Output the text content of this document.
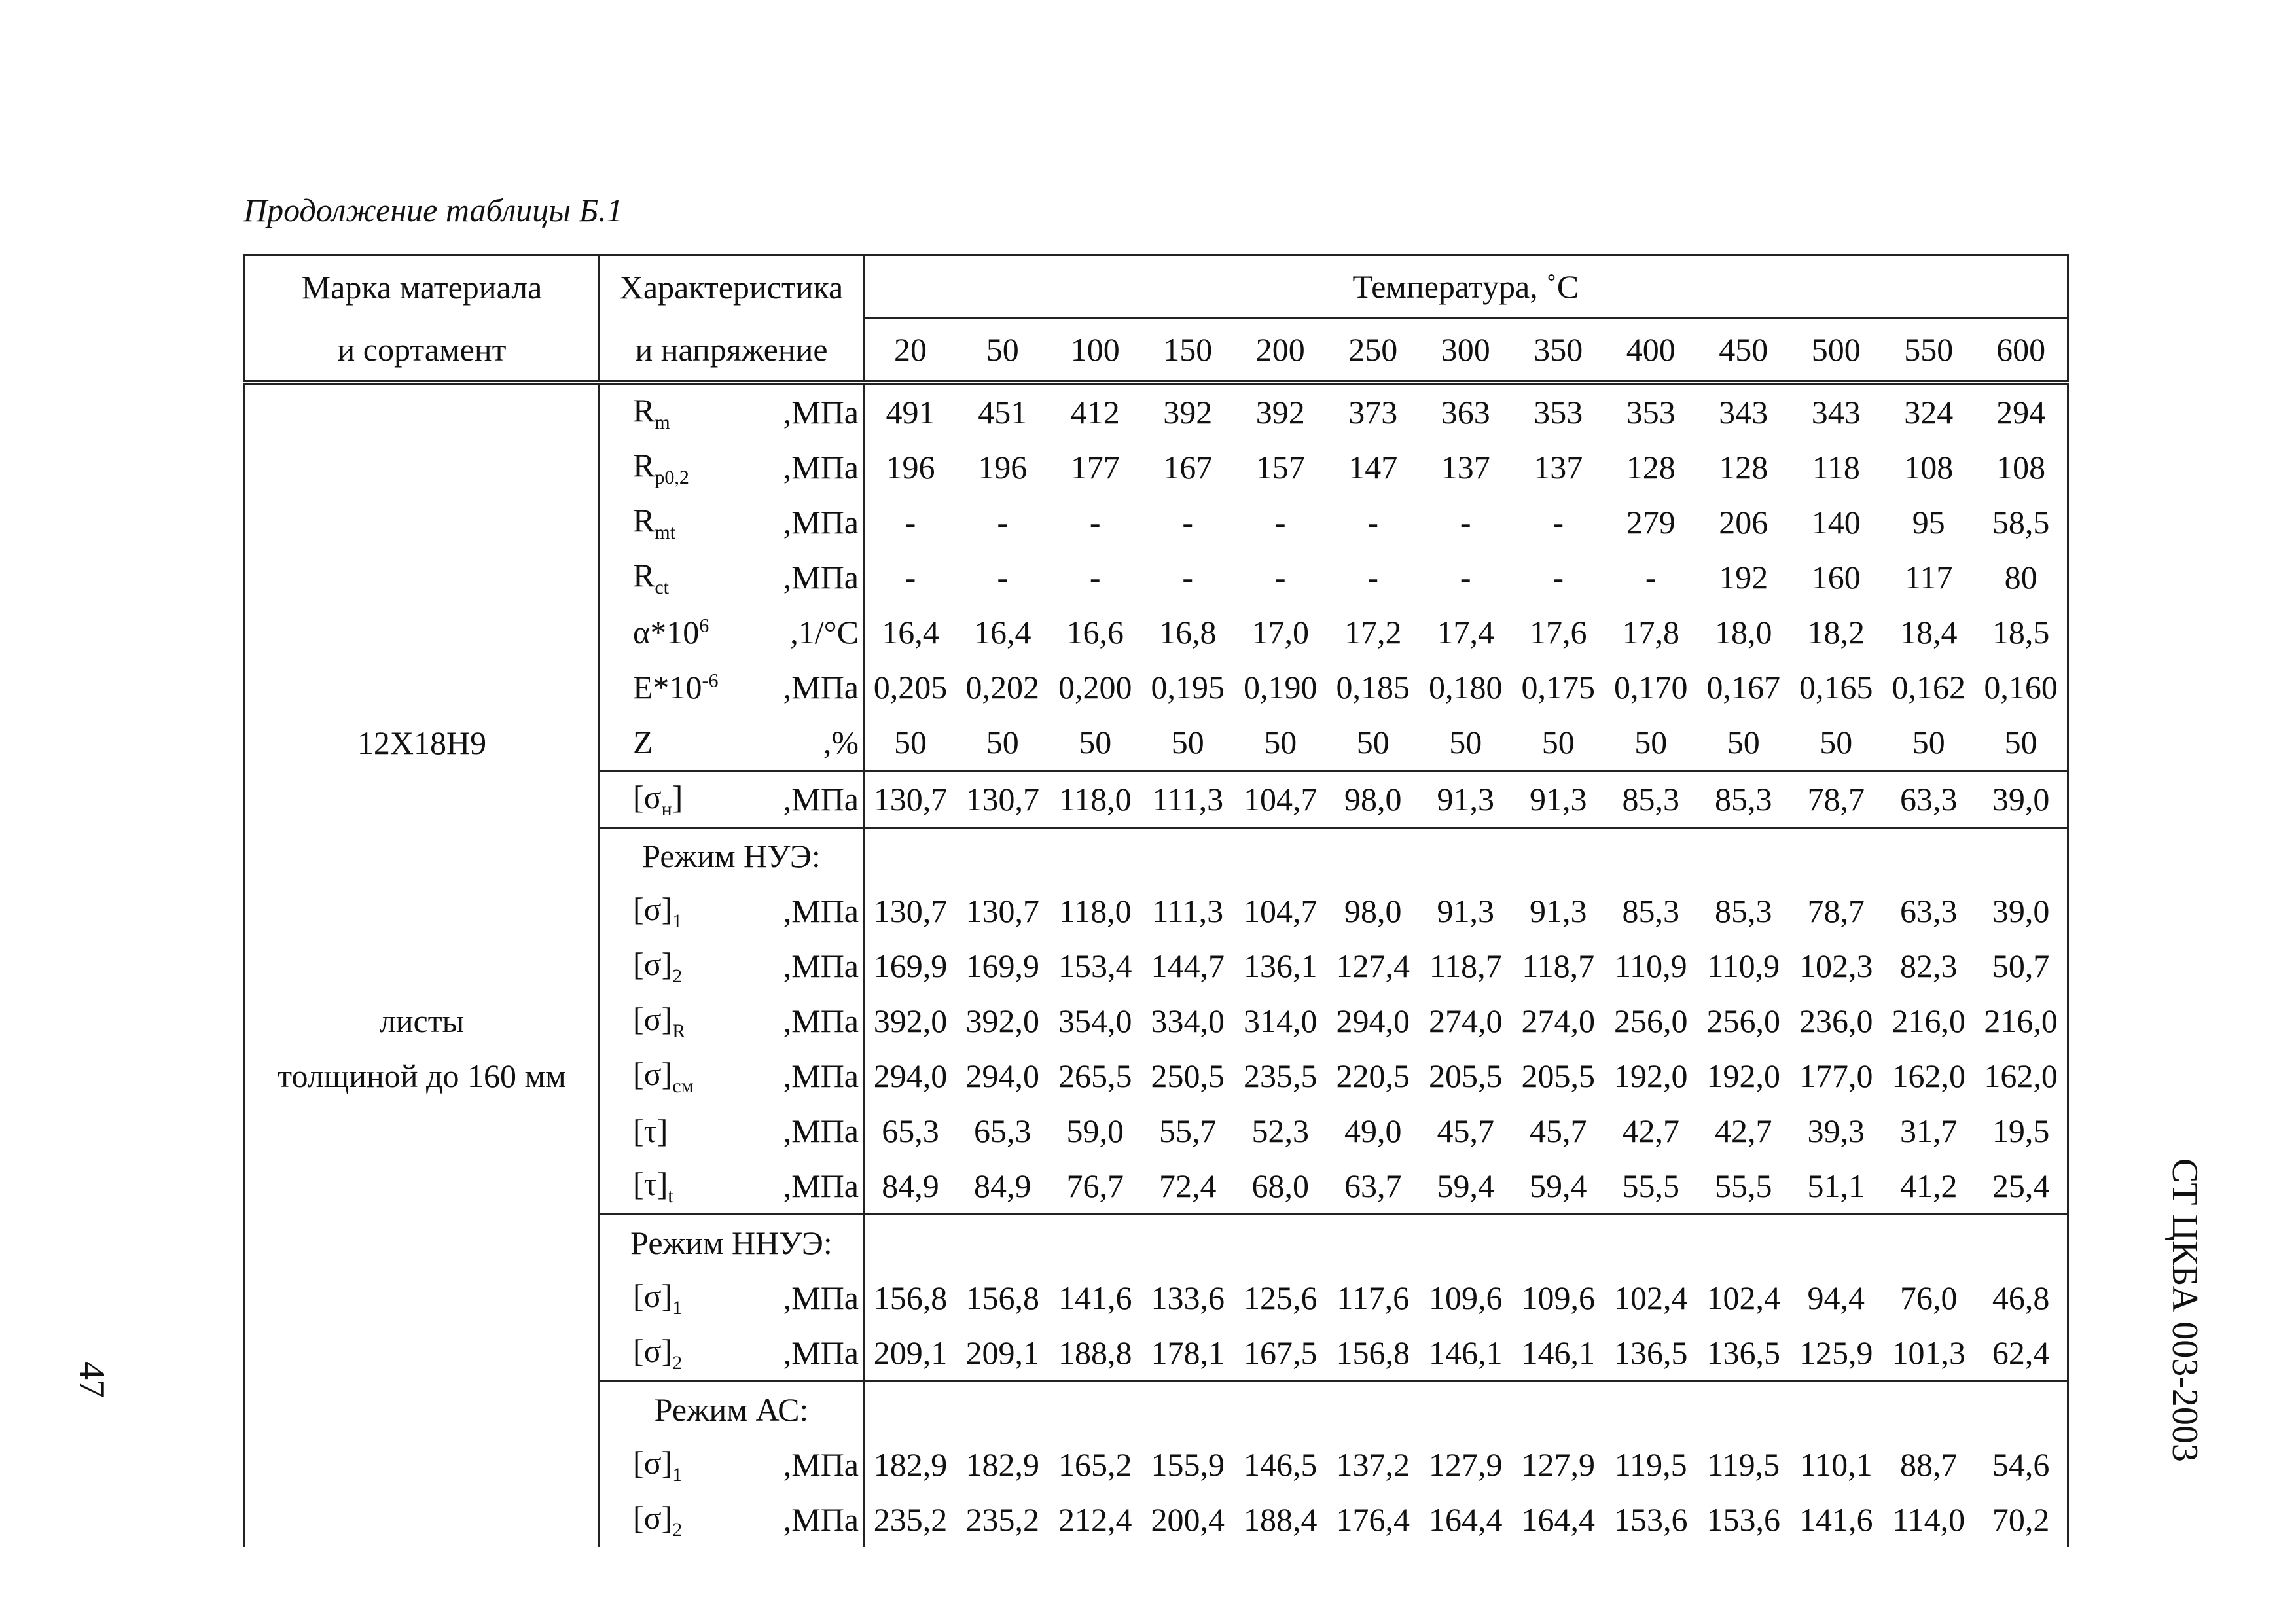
Продолжение таблицы Б.1
Марка материала	Характеристика		Температура, ˚С												
и сортамент	и напряжение		20	50	100	150	200	250	300	350	400	450	500	550	600
	$R_m$	,МПа	491	451	412	392	392	373	363	353	353	343	343	324	294
	$R_{p0,2}$	,МПа	196	196	177	167	157	147	137	137	128	128	118	108	108
	$R_{mt}$	,МПа	-	-	-	-	-	-	-	-	279	206	140	95	58,5
	$R_{ct}$	,МПа	-	-	-	-	-	-	-	-	-	192	160	117	80
	$\alpha*10^6$	,1/°С	16,4	16,4	16,6	16,8	17,0	17,2	17,4	17,6	17,8	18,0	18,2	18,4	18,5
	$E*10^{-6}$	,МПа	0,205	0,202	0,200	0,195	0,190	0,185	0,180	0,175	0,170	0,167	0,165	0,162	0,160
12Х18Н9	Z	,%	50	50	50	50	50	50	50	50	50	50	50	50	50
	$[\sigma_н]$	,МПа	130,7	130,7	118,0	111,3	104,7	98,0	91,3	91,3	85,3	85,3	78,7	63,3	39,0
	Режим НУЭ:														
	$[\sigma]_1$	,МПа	130,7	130,7	118,0	111,3	104,7	98,0	91,3	91,3	85,3	85,3	78,7	63,3	39,0
	$[\sigma]_2$	,МПа	169,9	169,9	153,4	144,7	136,1	127,4	118,7	118,7	110,9	110,9	102,3	82,3	50,7
листы	$[\sigma]_R$	,МПа	392,0	392,0	354,0	334,0	314,0	294,0	274,0	274,0	256,0	256,0	236,0	216,0	216,0
толщиной до 160 мм	$[\sigma]_{см}$	,МПа	294,0	294,0	265,5	250,5	235,5	220,5	205,5	205,5	192,0	192,0	177,0	162,0	162,0
	[τ]	,МПа	65,3	65,3	59,0	55,7	52,3	49,0	45,7	45,7	42,7	42,7	39,3	31,7	19,5
	$[\tau]_t$	,МПа	84,9	84,9	76,7	72,4	68,0	63,7	59,4	59,4	55,5	55,5	51,1	41,2	25,4
	Режим ННУЭ:														
	$[\sigma]_1$	,МПа	156,8	156,8	141,6	133,6	125,6	117,6	109,6	109,6	102,4	102,4	94,4	76,0	46,8
	$[\sigma]_2$	,МПа	209,1	209,1	188,8	178,1	167,5	156,8	146,1	146,1	136,5	136,5	125,9	101,3	62,4
	Режим АС:														
	$[\sigma]_1$	,МПа	182,9	182,9	165,2	155,9	146,5	137,2	127,9	127,9	119,5	119,5	110,1	88,7	54,6
	$[\sigma]_2$	,МПа	235,2	235,2	212,4	200,4	188,4	176,4	164,4	164,4	153,6	153,6	141,6	114,0	70,2
47	СТ ЦКБА 003-2003
